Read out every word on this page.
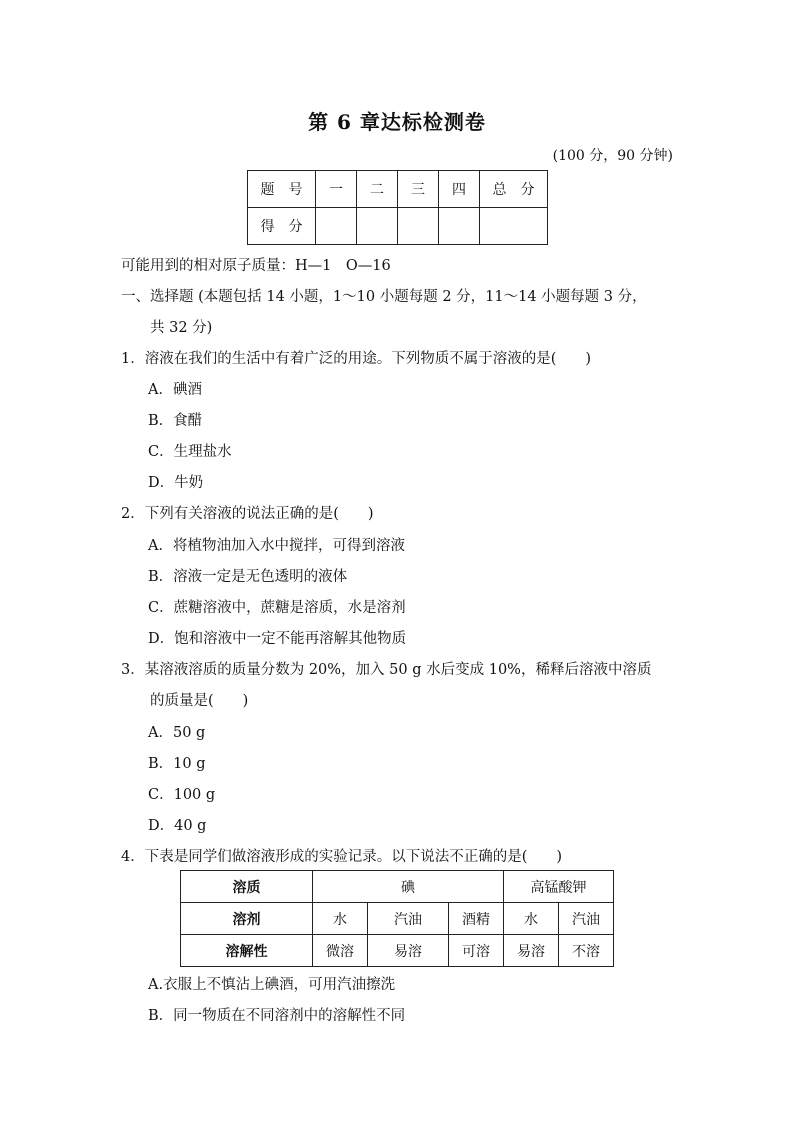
第 6 章达标检测卷
(100 分，90 分钟)
题　号	一	二	三	四	总　分
得　分					
可能用到的相对原子质量：H—1　O—16
一、选择题 (本题包括 14 小题，1～10 小题每题 2 分，11～14 小题每题 3 分，
共 32 分)
1．溶液在我们的生活中有着广泛的用途。下列物质不属于溶液的是(　　)
A．碘酒
B．食醋
C．生理盐水
D．牛奶
2．下列有关溶液的说法正确的是(　　)
A．将植物油加入水中搅拌，可得到溶液
B．溶液一定是无色透明的液体
C．蔗糖溶液中，蔗糖是溶质，水是溶剂
D．饱和溶液中一定不能再溶解其他物质
3．某溶液溶质的质量分数为 20%，加入 50 g 水后变成 10%，稀释后溶液中溶质
的质量是(　　)
A．50 g
B．10 g
C．100 g
D．40 g
4．下表是同学们做溶液形成的实验记录。以下说法不正确的是(　　)
溶质	碘			高锰酸钾	
溶剂	水	汽油	酒精	水	汽油
溶解性	微溶	易溶	可溶	易溶	不溶
A.衣服上不慎沾上碘酒，可用汽油擦洗
B．同一物质在不同溶剂中的溶解性不同
